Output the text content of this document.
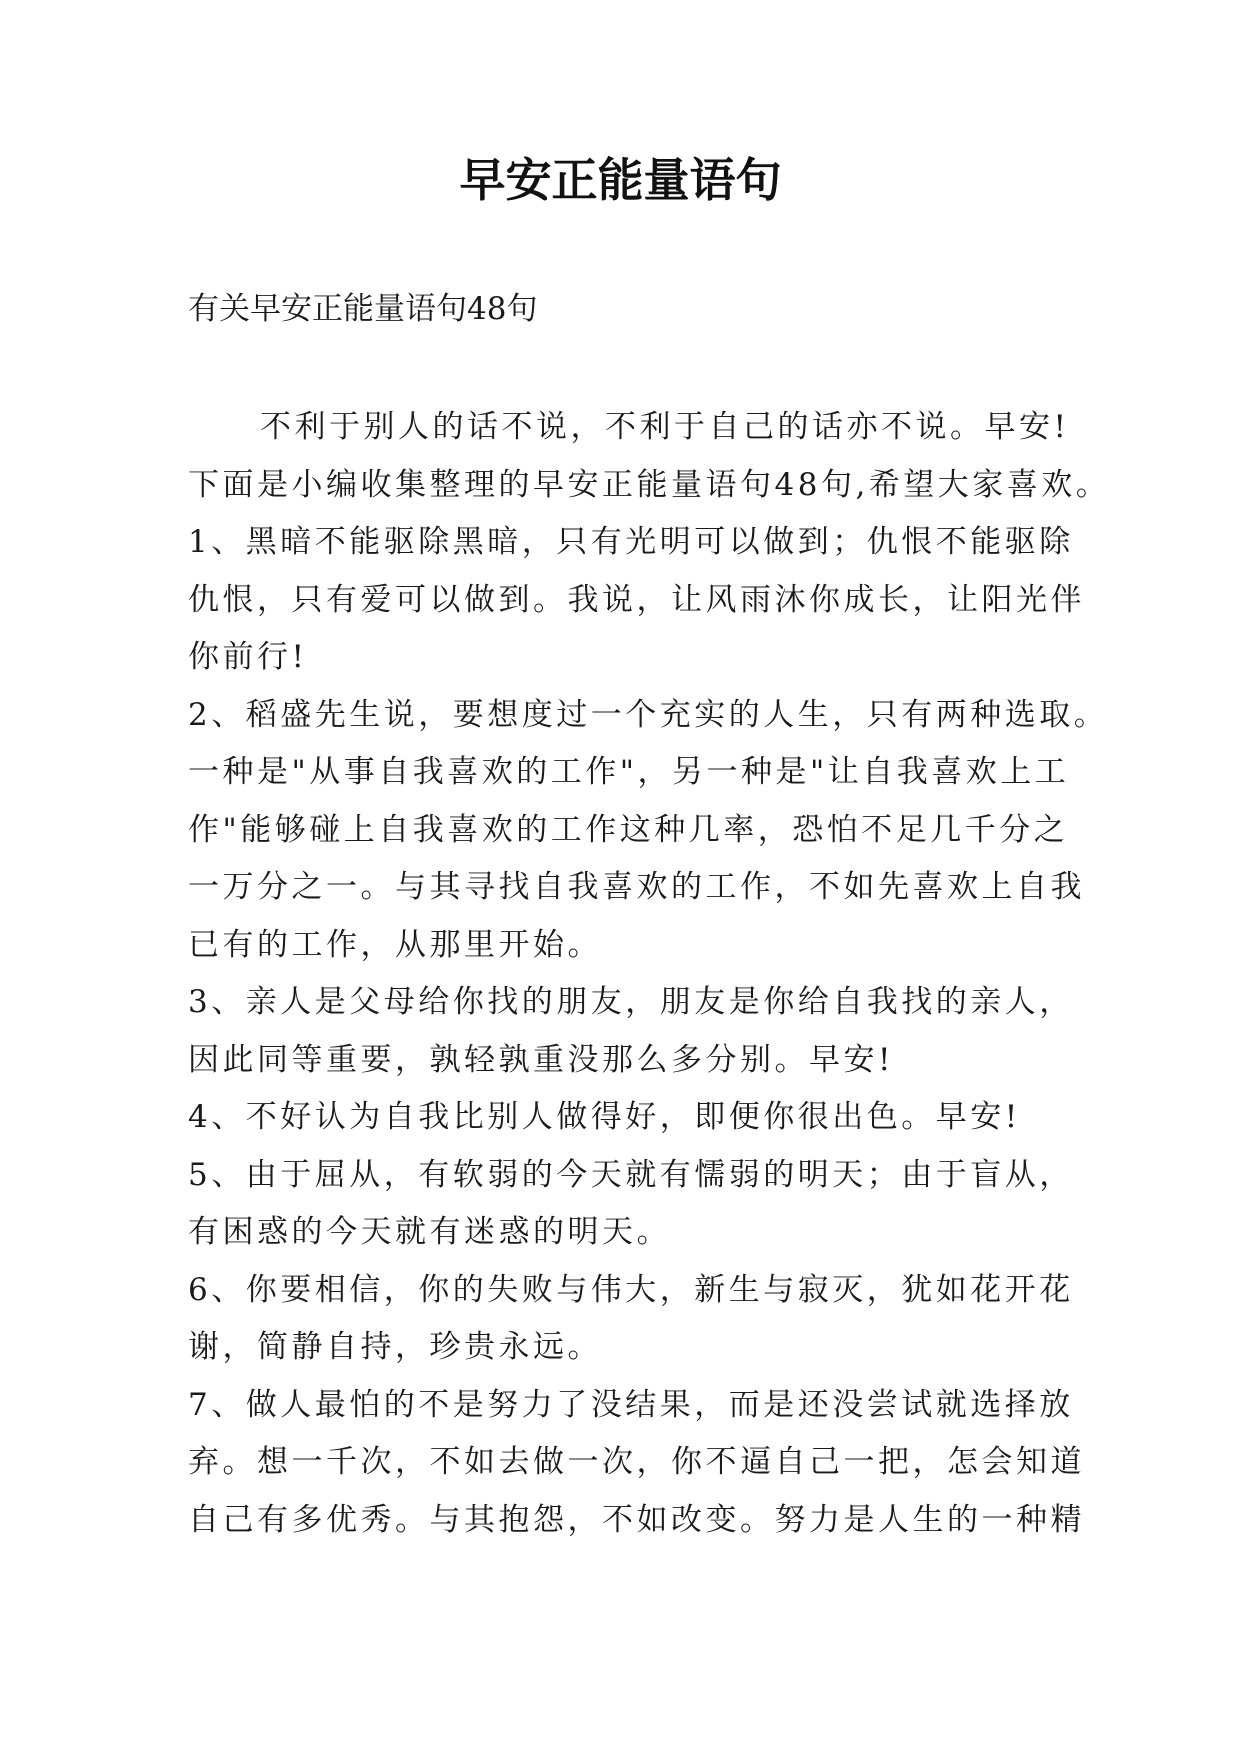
早安正能量语句
有关早安正能量语句48句
不利于别人的话不说，不利于自己的话亦不说。早安!
下面是小编收集整理的早安正能量语句48句,希望大家喜欢。
1、黑暗不能驱除黑暗，只有光明可以做到；仇恨不能驱除
仇恨，只有爱可以做到。我说，让风雨沐你成长，让阳光伴
你前行!
2、稻盛先生说，要想度过一个充实的人生，只有两种选取。
一种是"从事自我喜欢的工作"，另一种是"让自我喜欢上工
作"能够碰上自我喜欢的工作这种几率，恐怕不足几千分之
一万分之一。与其寻找自我喜欢的工作，不如先喜欢上自我
已有的工作，从那里开始。
3、亲人是父母给你找的朋友，朋友是你给自我找的亲人，
因此同等重要，孰轻孰重没那么多分别。早安!
4、不好认为自我比别人做得好，即便你很出色。早安!
5、由于屈从，有软弱的今天就有懦弱的明天；由于盲从，
有困惑的今天就有迷惑的明天。
6、你要相信，你的失败与伟大，新生与寂灭，犹如花开花
谢，简静自持，珍贵永远。
7、做人最怕的不是努力了没结果，而是还没尝试就选择放
弃。想一千次，不如去做一次，你不逼自己一把，怎会知道
自己有多优秀。与其抱怨，不如改变。努力是人生的一种精
